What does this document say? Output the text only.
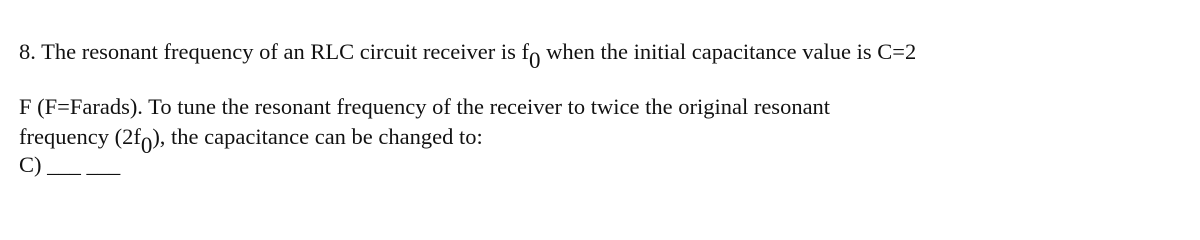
8. The resonant frequency of an RLC circuit receiver is f0 when the initial capacitance value is C=2
F (F=Farads). To tune the resonant frequency of the receiver to twice the original resonant
frequency (2f0), the capacitance can be changed to:
C) ___ ___
